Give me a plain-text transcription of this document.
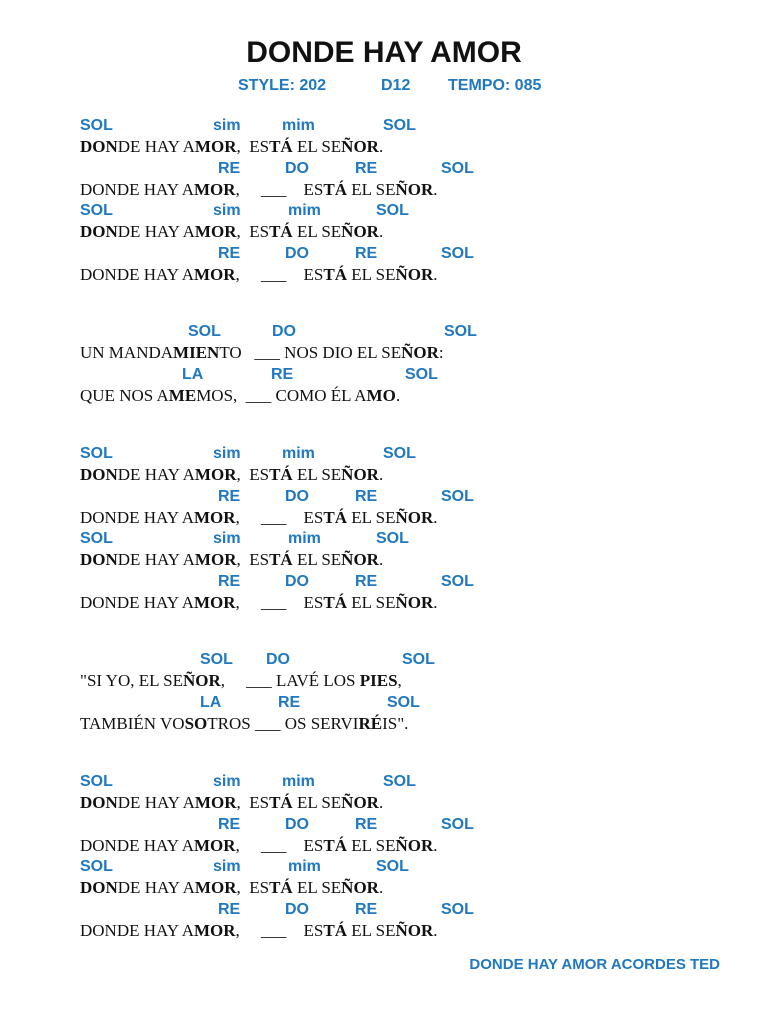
DONDE HAY AMOR
STYLE: 202	D12 TEMPO: 085
DONDE HAY AMOR ACORDES TED
SOL	sim	mim	SOL
DONDE HAY AMOR,  ESTÁ EL SEÑOR.
RE	DO	RE	SOL
DONDE HAY AMOR,     ___    ESTÁ EL SEÑOR.
SOL	sim	mim	SOL
DONDE HAY AMOR,  ESTÁ EL SEÑOR.
RE	DO	RE	SOL
DONDE HAY AMOR,     ___    ESTÁ EL SEÑOR.
SOL	DO	SOL
UN MANDAMIENTO   ___ NOS DIO EL SEÑOR:
LA	RE	SOL
QUE NOS AMEMOS,  ___ COMO ÉL AMO.
SOL	sim	mim	SOL
DONDE HAY AMOR,  ESTÁ EL SEÑOR.
RE	DO	RE	SOL
DONDE HAY AMOR,     ___    ESTÁ EL SEÑOR.
SOL	sim	mim	SOL
DONDE HAY AMOR,  ESTÁ EL SEÑOR.
RE	DO	RE	SOL
DONDE HAY AMOR,     ___    ESTÁ EL SEÑOR.
SOL DO	SOL
"SI YO, EL SEÑOR,     ___ LAVÉ LOS PIES,
LA	RE	SOL
TAMBIÉN VOSOTROS ___ OS SERVIRÉIS".
SOL	sim	mim	SOL
DONDE HAY AMOR,  ESTÁ EL SEÑOR.
RE	DO	RE	SOL
DONDE HAY AMOR,     ___    ESTÁ EL SEÑOR.
SOL	sim	mim	SOL
DONDE HAY AMOR,  ESTÁ EL SEÑOR.
RE	DO	RE	SOL
DONDE HAY AMOR,     ___    ESTÁ EL SEÑOR.
